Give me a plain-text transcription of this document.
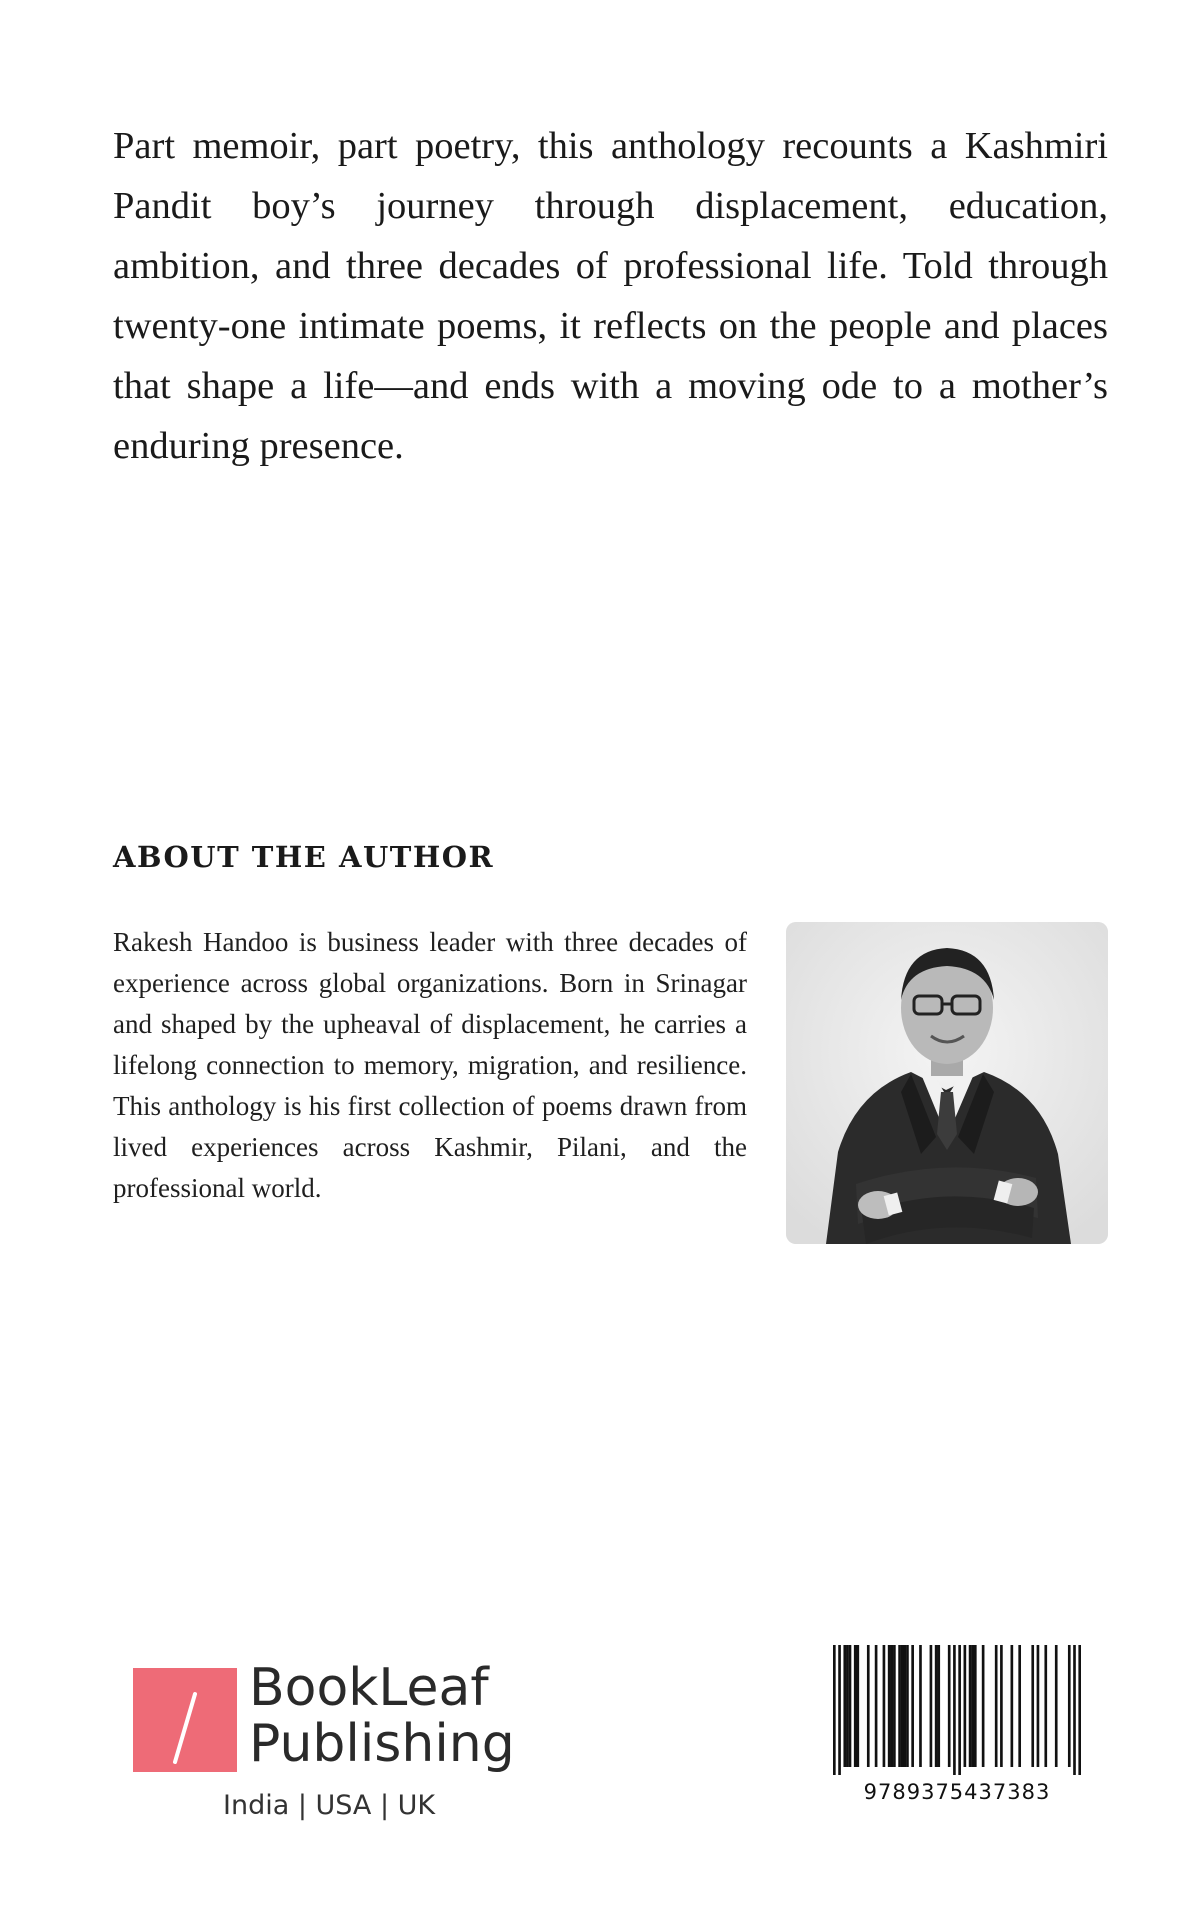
Part memoir, part poetry, this anthology recounts a Kashmiri Pandit boy’s journey through displacement, education, ambition, and three decades of professional life. Told through twenty-one intimate poems, it reflects on the people and places that shape a life—and ends with a moving ode to a mother’s enduring presence.

ABOUT THE AUTHOR

Rakesh Handoo is business leader with three decades of experience across global organizations. Born in Srinagar and shaped by the upheaval of displacement, he carries a lifelong connection to memory, migration, and resilience. This anthology is his first collection of poems drawn from lived experiences across Kashmir, Pilani, and the professional world.

BookLeaf
Publishing
India | USA | UK	9789375437383
